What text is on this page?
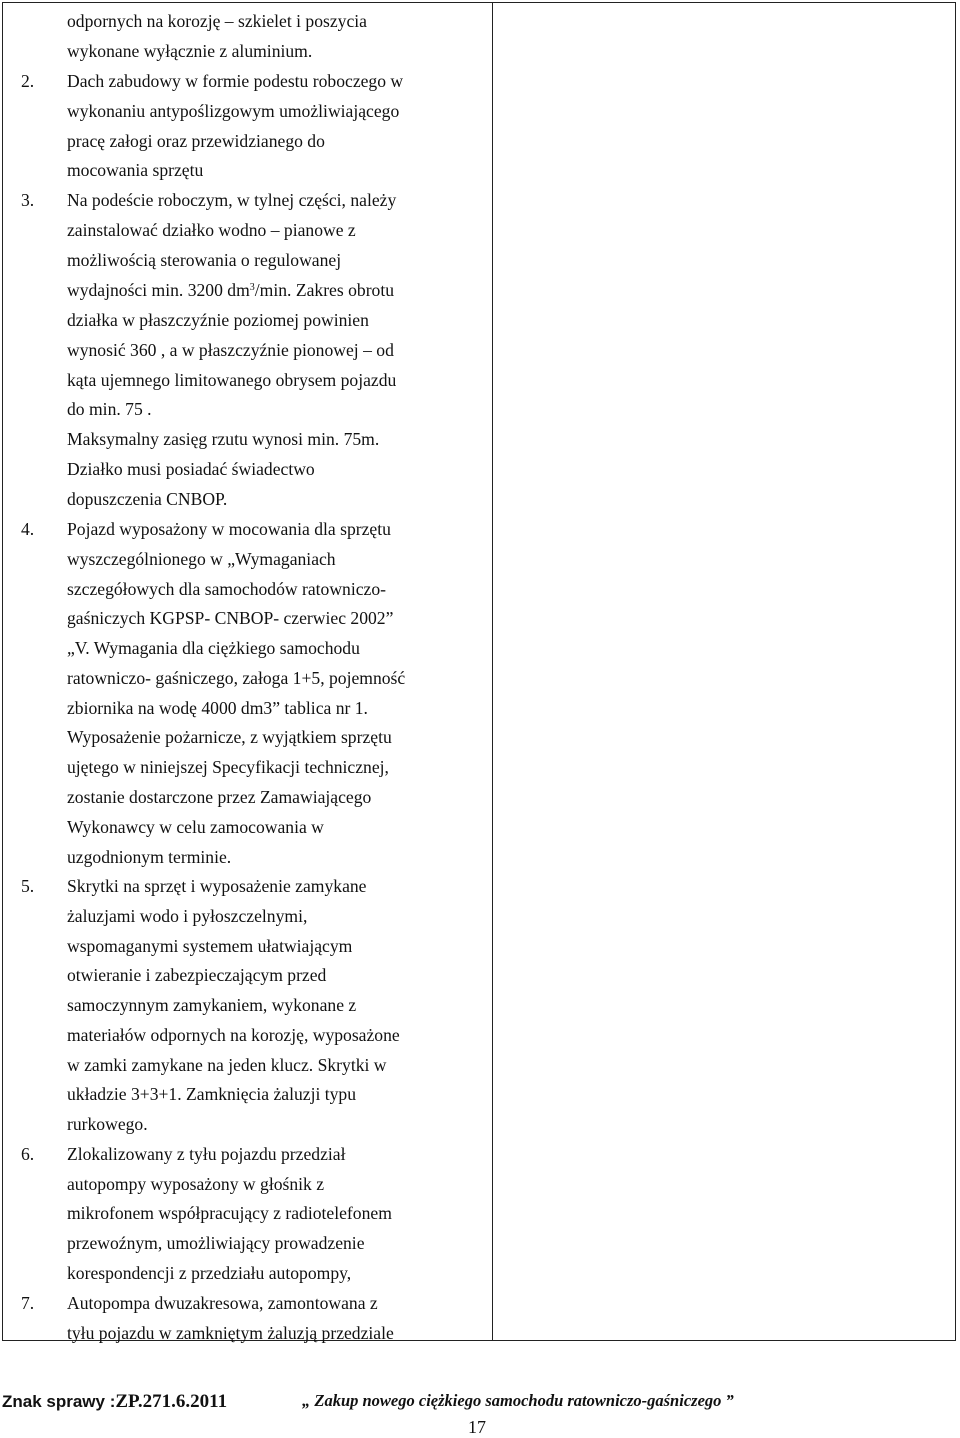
odpornych na korozję – szkielet i poszycia
wykonane wyłącznie z aluminium.
2. Dach zabudowy w formie podestu roboczego w
wykonaniu antypoślizgowym umożliwiającego
pracę załogi oraz przewidzianego do
mocowania sprzętu
3. Na podeście roboczym, w tylnej części, należy
zainstalować działko wodno – pianowe z
możliwością sterowania o regulowanej
wydajności min. 3200 $dm^3/\min$. Zakres obrotu
działka w płaszczyźnie poziomej powinien
wynosić 360 , a w płaszczyźnie pionowej – od
kąta ujemnego limitowanego obrysem pojazdu
do min. 75 .
Maksymalny zasięg rzutu wynosi min. 75m.
Działko musi posiadać świadectwo
dopuszczenia CNBOP.
4. Pojazd wyposażony w mocowania dla sprzętu
wyszczególnionego w „Wymaganiach
szczegółowych dla samochodów ratowniczo-
gaśniczych KGPSP- CNBOP- czerwiec 2002”
„V. Wymagania dla ciężkiego samochodu
ratowniczo- gaśniczego, załoga 1+5, pojemność
zbiornika na wodę 4000 dm3” tablica nr 1.
Wyposażenie pożarnicze, z wyjątkiem sprzętu
ujętego w niniejszej Specyfikacji technicznej,
zostanie dostarczone przez Zamawiającego
Wykonawcy w celu zamocowania w
uzgodnionym terminie.
5. Skrytki na sprzęt i wyposażenie zamykane
żaluzjami wodo i pyłoszczelnymi,
wspomaganymi systemem ułatwiającym
otwieranie i zabezpieczającym przed
samoczynnym zamykaniem, wykonane z
materiałów odpornych na korozję, wyposażone
w zamki zamykane na jeden klucz. Skrytki w
układzie 3+3+1. Zamknięcia żaluzji typu
rurkowego.
6. Zlokalizowany z tyłu pojazdu przedział
autopompy wyposażony w głośnik z
mikrofonem współpracujący z radiotelefonem
przewoźnym, umożliwiający prowadzenie
korespondencji z przedziału autopompy,
7. Autopompa dwuzakresowa, zamontowana z
tyłu pojazdu w zamkniętym żaluzją przedziale
Znak sprawy :ZP.271.6.2011	„ Zakup nowego ciężkiego samochodu ratowniczo-gaśniczego ”
17
